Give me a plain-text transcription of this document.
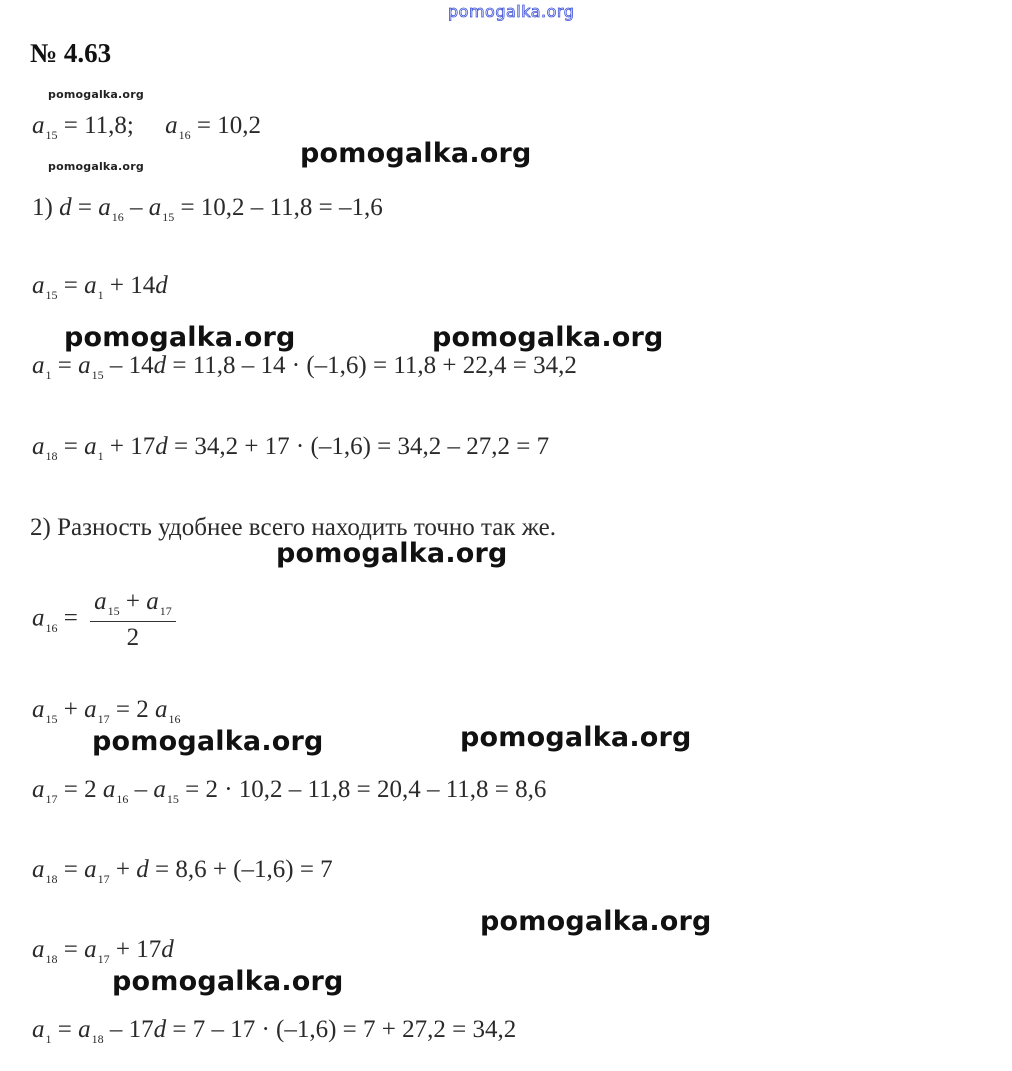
pomogalka.org
№ 4.63
pomogalka.org
$a_{15} = 11,8$; $a_{16} = 10,2$
pomogalka.org	pomogalka.org
1) $d = a_{16} - a_{15} = 10,2 - 11,8 = -1,6$
$a_{15} = a_1 + 14d$
pomogalka.org	pomogalka.org
$a_1 = a_{15} - 14d = 11,8 - 14 \cdot (-1,6) = 11,8 + 22,4 = 34,2$
$a_{18} = a_1 + 17d = 34,2 + 17 \cdot (-1,6) = 34,2 - 27,2 = 7$
2) Разность удобнее всего находить точно так же.
pomogalka.org
$a_{16} = \frac{a_{15} + a_{17}}{2}$
$a_{15} + a_{17} = 2$ $a_{16}$
pomogalka.org	pomogalka.org
$a_{17} = 2$ $a_{16} - a_{15} = 2 \cdot 10,2 - 11,8 = 20,4 - 11,8 = 8,6$
$a_{18} = a_{17} + d = 8,6 + (-1,6) = 7$
pomogalka.org
$a_{18} = a_{17} + 17d$
pomogalka.org
$a_1 = a_{18} - 17d = 7 - 17 \cdot (-1,6) = 7 + 27,2 = 34,2$
